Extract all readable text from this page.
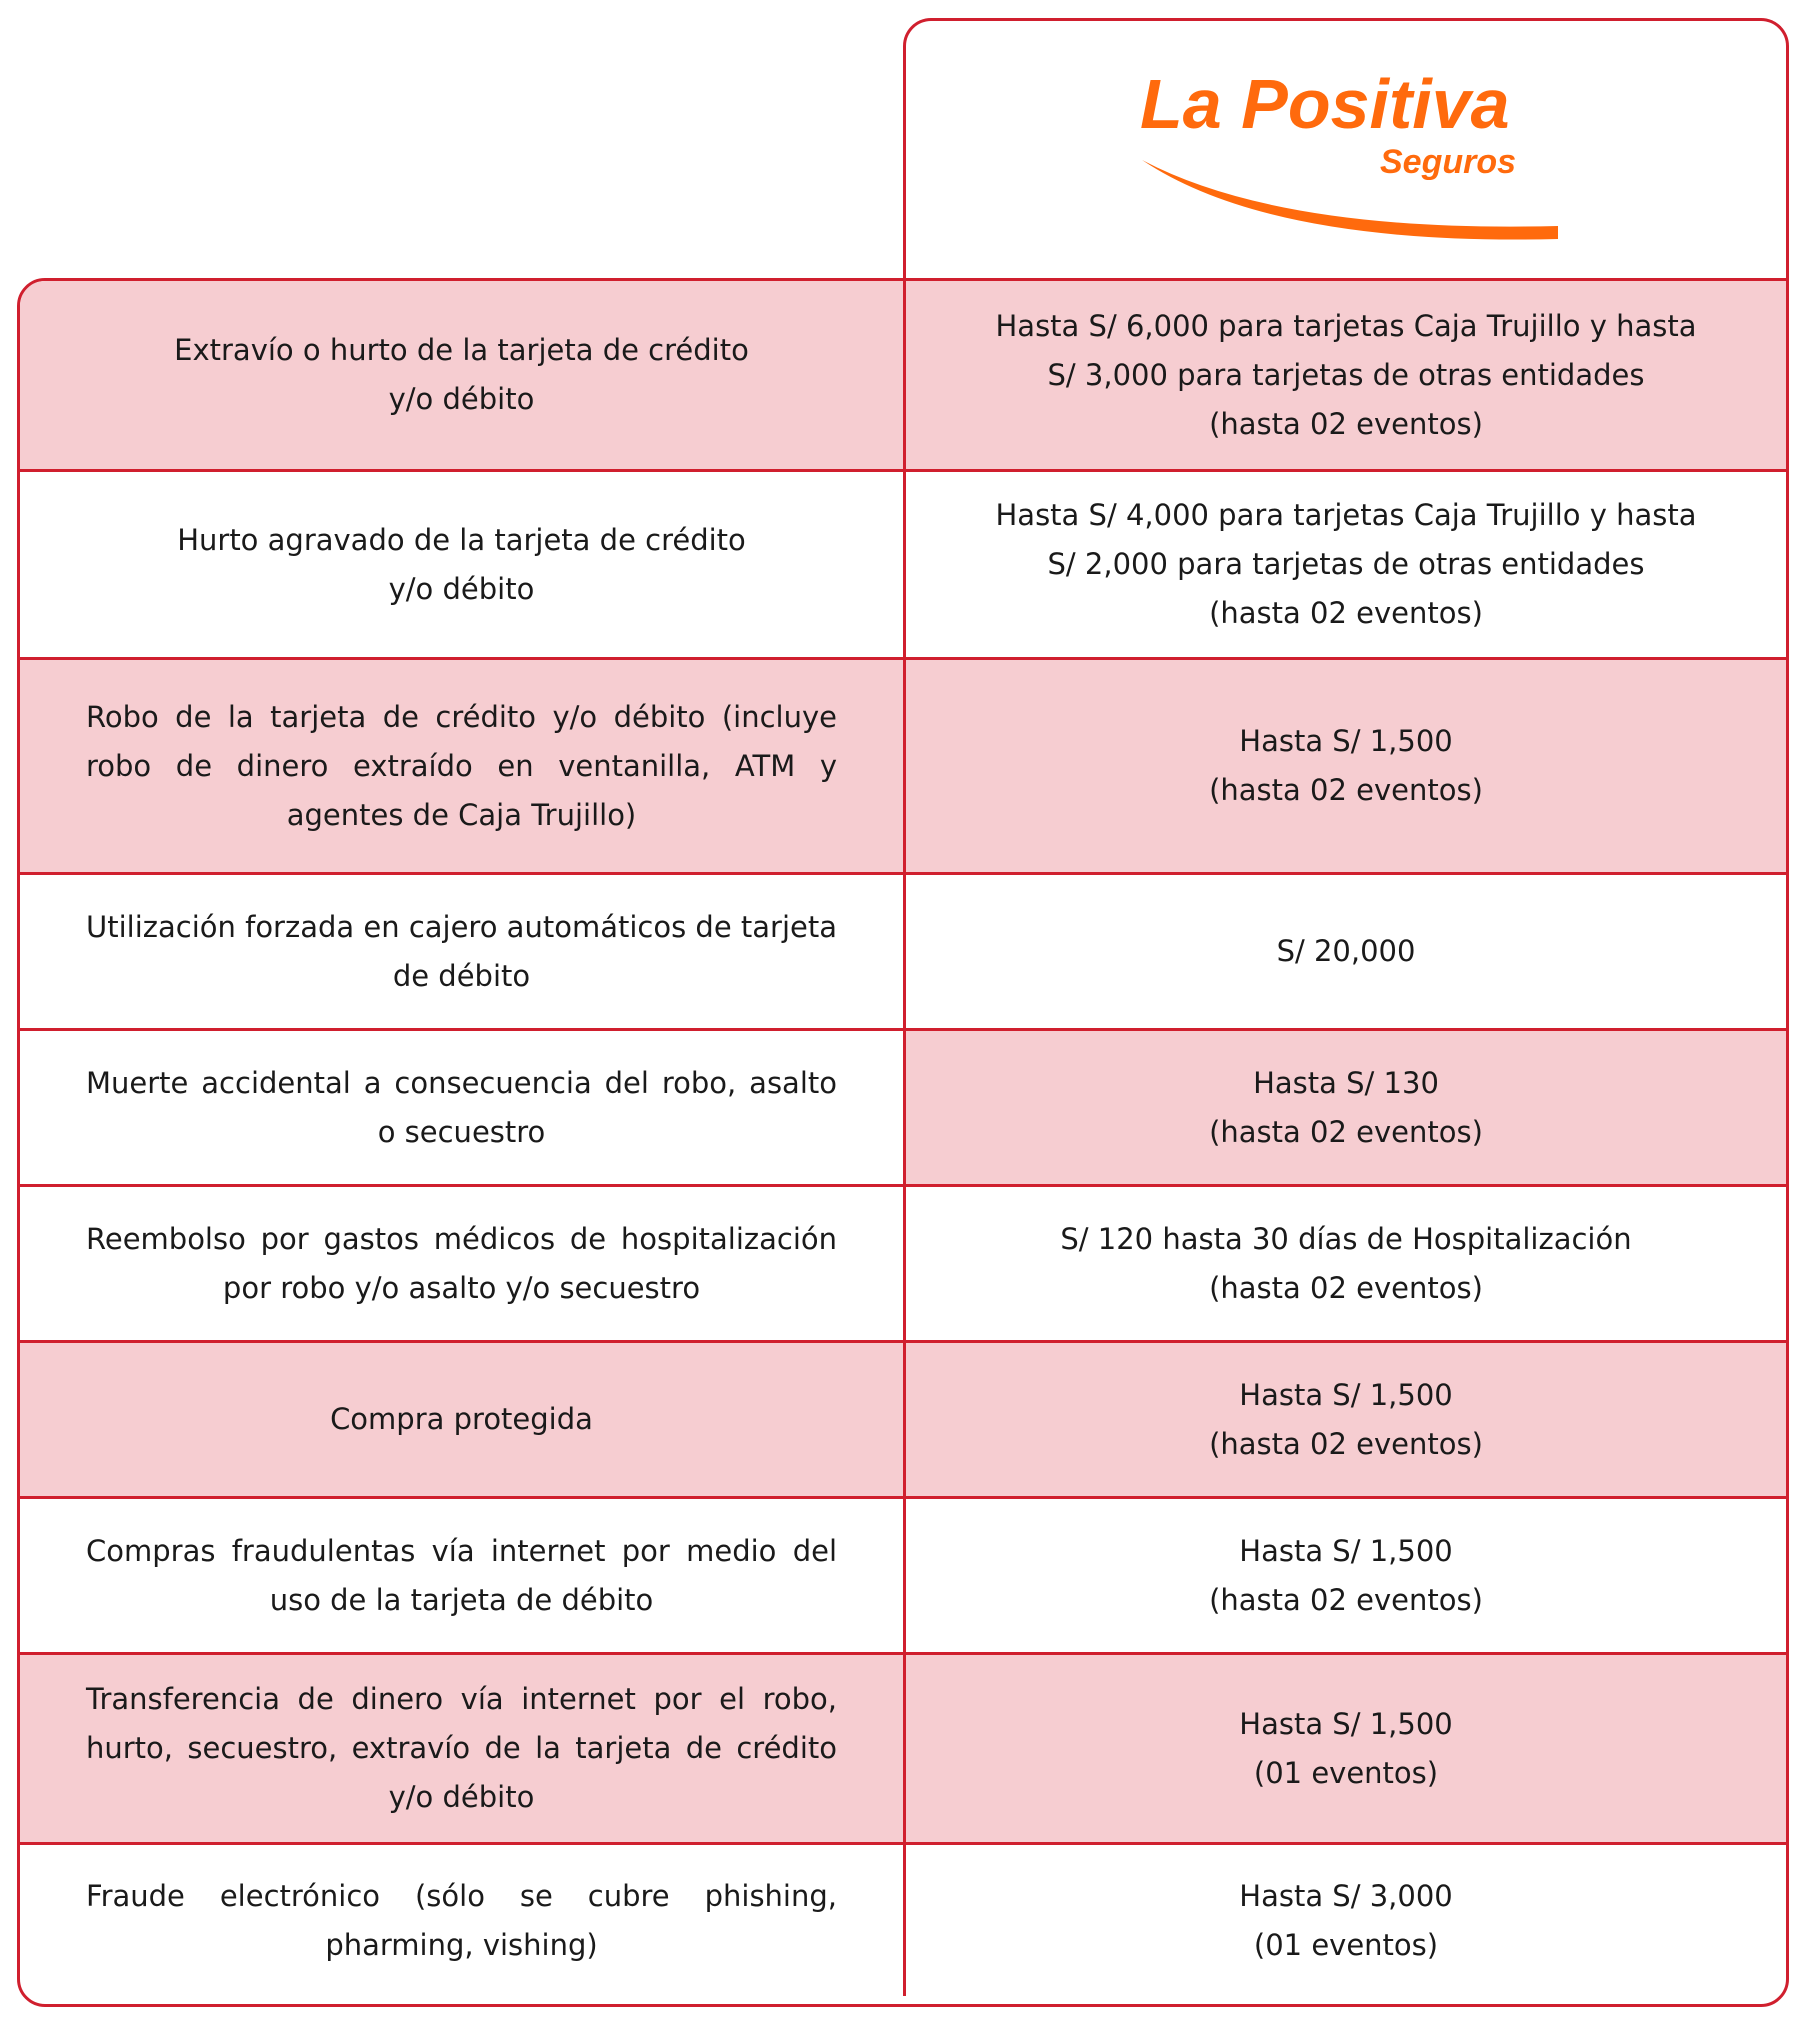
La Positiva
Seguros
Extravío o hurto de la tarjeta de crédito
y/o débito
Hasta S/ 6,000 para tarjetas Caja Trujillo y hasta
S/ 3,000 para tarjetas de otras entidades
(hasta 02 eventos)
Hurto agravado de la tarjeta de crédito
y/o débito
Hasta S/ 4,000 para tarjetas Caja Trujillo y hasta
S/ 2,000 para tarjetas de otras entidades
(hasta 02 eventos)
Robo de la tarjeta de crédito y/o débito (incluye robo de dinero extraído en ventanilla, ATM y agentes de Caja Trujillo)
Hasta S/ 1,500
(hasta 02 eventos)
Utilización forzada en cajero automáticos de tarjeta de débito
S/ 20,000
Muerte accidental a consecuencia del robo, asalto o secuestro
Hasta S/ 130
(hasta 02 eventos)
Reembolso por gastos médicos de hospitalización por robo y/o asalto y/o secuestro
S/ 120 hasta 30 días de Hospitalización
(hasta 02 eventos)
Compra protegida
Hasta S/ 1,500
(hasta 02 eventos)
Compras fraudulentas vía internet por medio del uso de la tarjeta de débito
Hasta S/ 1,500
(hasta 02 eventos)
Transferencia de dinero vía internet por el robo, hurto, secuestro, extravío de la tarjeta de crédito y/o débito
Hasta S/ 1,500
(01 eventos)
Fraude electrónico (sólo se cubre phishing, pharming, vishing)
Hasta S/ 3,000
(01 eventos)
